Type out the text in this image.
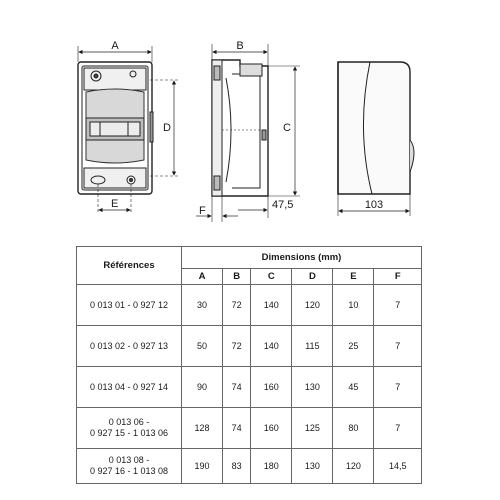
A
D
E
B
C
F	47,5	103
Références	Dimensions (mm)					
	A	B	C	D	E	F
0 013 01 - 0 927 12	30	72	140	120	10	7
0 013 02 - 0 927 13	50	72	140	115	25	7
0 013 04 - 0 927 14	90	74	160	130	45	7
0 013 06 -
0 927 15 - 1 013 06	128	74	160	125	80	7
0 013 08 -
0 927 16 - 1 013 08	190	83	180	130	120	14,5
